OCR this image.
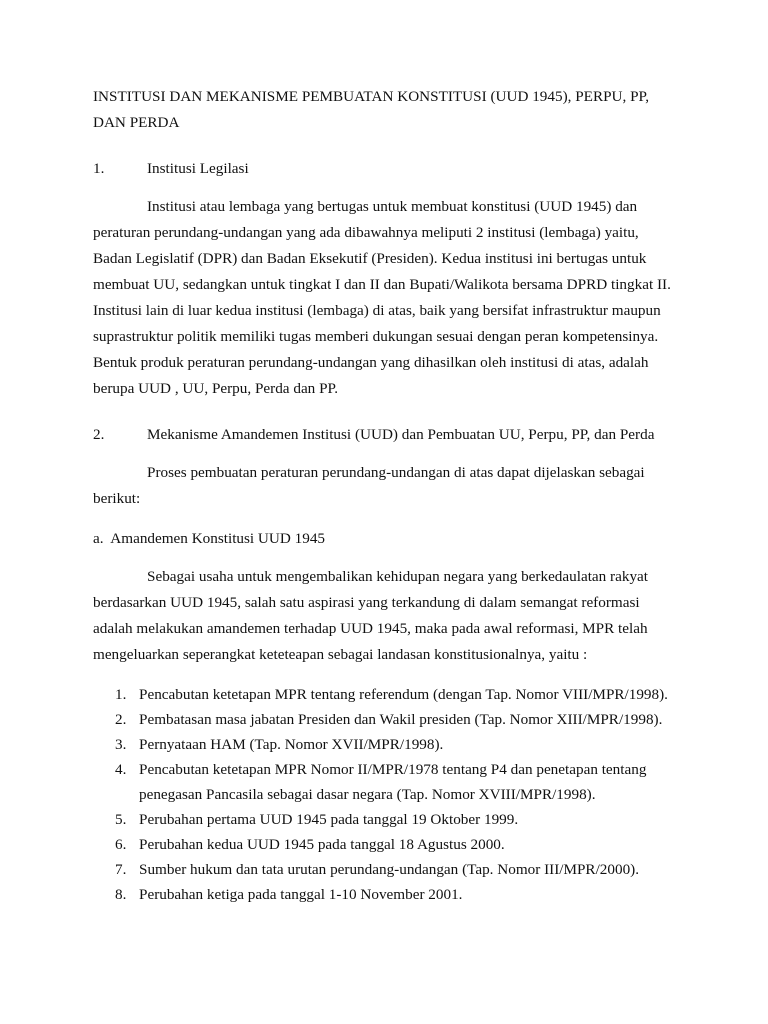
INSTITUSI DAN MEKANISME PEMBUATAN KONSTITUSI (UUD 1945), PERPU, PP, DAN PERDA
1.	Institusi Legilasi

Institusi atau lembaga yang bertugas untuk membuat konstitusi (UUD 1945) dan peraturan perundang-undangan yang ada dibawahnya meliputi 2 institusi (lembaga) yaitu, Badan Legislatif (DPR) dan Badan Eksekutif (Presiden). Kedua institusi ini bertugas untuk membuat UU, sedangkan untuk tingkat I dan II dan Bupati/Walikota bersama DPRD tingkat II. Institusi lain di luar kedua institusi (lembaga) di atas, baik yang bersifat infrastruktur maupun suprastruktur politik memiliki tugas memberi dukungan sesuai dengan peran kompetensinya. Bentuk produk peraturan perundang-undangan yang dihasilkan oleh institusi di atas, adalah berupa UUD , UU, Perpu, Perda dan PP.

2.	Mekanisme Amandemen Institusi (UUD) dan Pembuatan UU, Perpu, PP, dan Perda

Proses pembuatan peraturan perundang-undangan di atas dapat dijelaskan sebagai berikut:

a.  Amandemen Konstitusi UUD 1945

Sebagai usaha untuk mengembalikan kehidupan negara yang berkedaulatan rakyat berdasarkan UUD 1945, salah satu aspirasi yang terkandung di dalam semangat reformasi adalah melakukan amandemen terhadap UUD 1945, maka pada awal reformasi, MPR telah mengeluarkan seperangkat keteteapan sebagai landasan konstitusionalnya, yaitu :

1. Pencabutan ketetapan MPR tentang referendum (dengan Tap. Nomor VIII/MPR/1998).
2. Pembatasan masa jabatan Presiden dan Wakil presiden (Tap. Nomor XIII/MPR/1998).
3. Pernyataan HAM (Tap. Nomor XVII/MPR/1998).
4. Pencabutan ketetapan MPR Nomor II/MPR/1978 tentang P4 dan penetapan tentang penegasan Pancasila sebagai dasar negara (Tap. Nomor XVIII/MPR/1998).
5. Perubahan pertama UUD 1945 pada tanggal 19 Oktober 1999.
6. Perubahan kedua UUD 1945 pada tanggal 18 Agustus 2000.
7. Sumber hukum dan tata urutan perundang-undangan (Tap. Nomor III/MPR/2000).
8. Perubahan ketiga pada tanggal 1-10 November 2001.
